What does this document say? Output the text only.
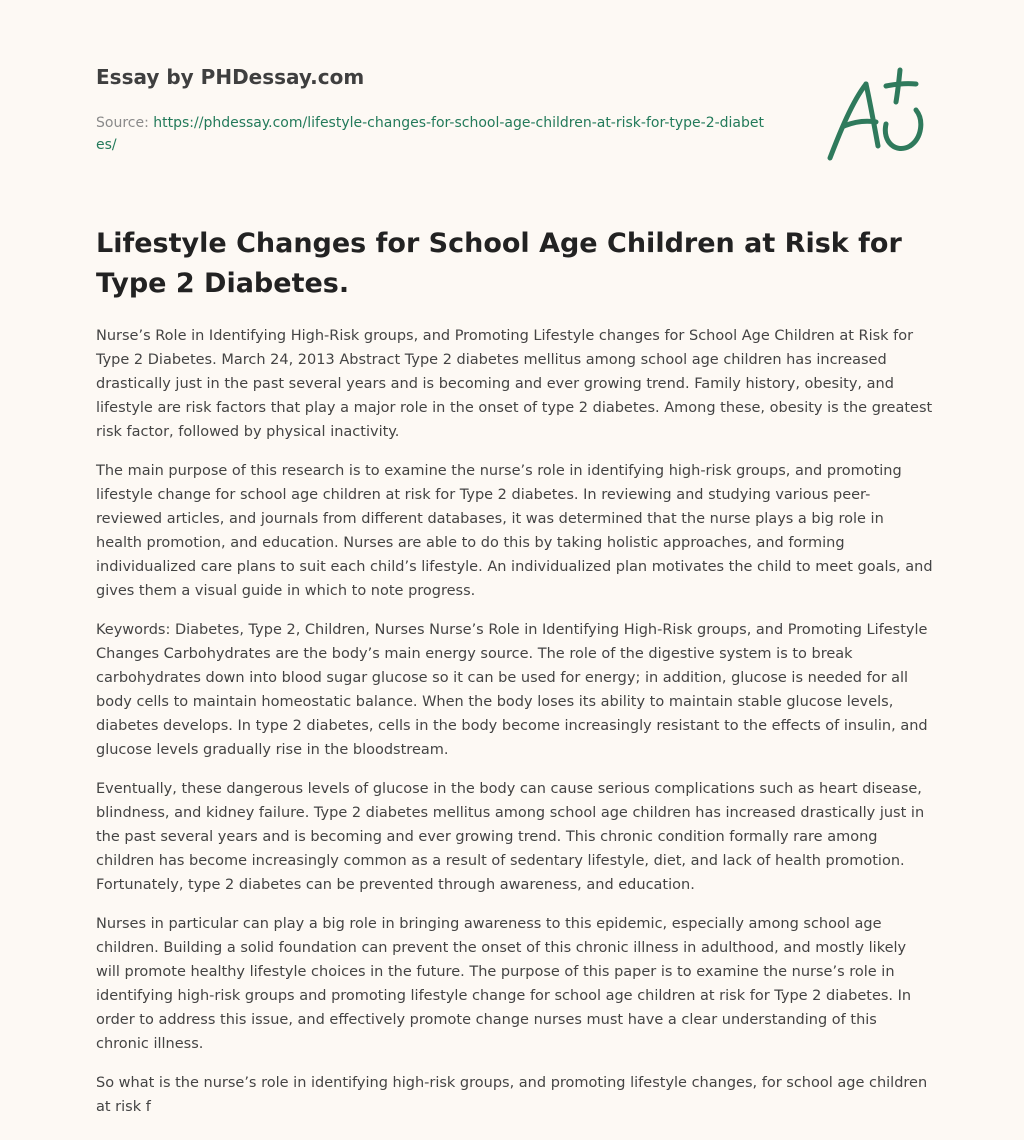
Essay by PHDessay.com
Source: https://phdessay.com/lifestyle-changes-for-school-age-children-at-risk-for-type-2-diabetes/
Lifestyle Changes for School Age Children at Risk for Type 2 Diabetes.

Nurse’s Role in Identifying High-Risk groups, and Promoting Lifestyle changes for School Age Children at Risk for Type 2 Diabetes. March 24, 2013 Abstract Type 2 diabetes mellitus among school age children has increased drastically just in the past several years and is becoming and ever growing trend. Family history, obesity, and lifestyle are risk factors that play a major role in the onset of type 2 diabetes. Among these, obesity is the greatest risk factor, followed by physical inactivity.

The main purpose of this research is to examine the nurse’s role in identifying high-risk groups, and promoting lifestyle change for school age children at risk for Type 2 diabetes. In reviewing and studying various peer-reviewed articles, and journals from different databases, it was determined that the nurse plays a big role in health promotion, and education. Nurses are able to do this by taking holistic approaches, and forming individualized care plans to suit each child’s lifestyle. An individualized plan motivates the child to meet goals, and gives them a visual guide in which to note progress.

Keywords: Diabetes, Type 2, Children, Nurses Nurse’s Role in Identifying High-Risk groups, and Promoting Lifestyle Changes Carbohydrates are the body’s main energy source. The role of the digestive system is to break carbohydrates down into blood sugar glucose so it can be used for energy; in addition, glucose is needed for all body cells to maintain homeostatic balance. When the body loses its ability to maintain stable glucose levels, diabetes develops. In type 2 diabetes, cells in the body become increasingly resistant to the effects of insulin, and glucose levels gradually rise in the bloodstream.

Eventually, these dangerous levels of glucose in the body can cause serious complications such as heart disease, blindness, and kidney failure. Type 2 diabetes mellitus among school age children has increased drastically just in the past several years and is becoming and ever growing trend. This chronic condition formally rare among children has become increasingly common as a result of sedentary lifestyle, diet, and lack of health promotion. Fortunately, type 2 diabetes can be prevented through awareness, and education.

Nurses in particular can play a big role in bringing awareness to this epidemic, especially among school age children. Building a solid foundation can prevent the onset of this chronic illness in adulthood, and mostly likely will promote healthy lifestyle choices in the future. The purpose of this paper is to examine the nurse’s role in identifying high-risk groups and promoting lifestyle change for school age children at risk for Type 2 diabetes. In order to address this issue, and effectively promote change nurses must have a clear understanding of this chronic illness.

So what is the nurse’s role in identifying high-risk groups, and promoting lifestyle changes, for school age children at risk f
